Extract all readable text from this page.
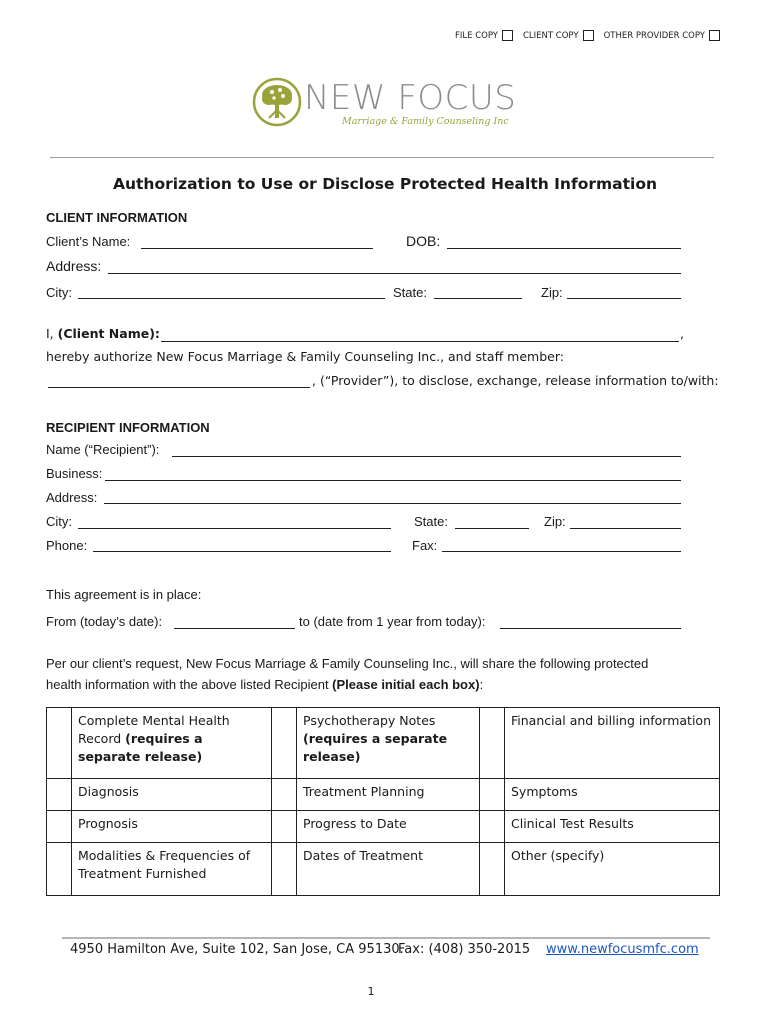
FILE COPY	CLIENT COPY	OTHER PROVIDER COPY
NEW FOCUS
Marriage & Family Counseling Inc
Authorization to Use or Disclose Protected Health Information
CLIENT INFORMATION
Client’s Name:	DOB:
Address:
City:	State:	Zip:
I, (Client Name):	,
hereby authorize New Focus Marriage & Family Counseling Inc., and staff member:
, (“Provider”), to disclose, exchange, release information to/with:
RECIPIENT INFORMATION
Name (“Recipient”):
Business:
Address:
City:	State:	Zip:
Phone:	Fax:
This agreement is in place:
From (today’s date):	to (date from 1 year from today):
Per our client’s request, New Focus Marriage & Family Counseling Inc., will share the following protected
health information with the above listed Recipient (Please initial each box):
	Complete Mental Health Record (requires a separate release)		Psychotherapy Notes (requires a separate release)		Financial and billing information
	Diagnosis		Treatment Planning		Symptoms
	Prognosis		Progress to Date		Clinical Test Results
	Modalities & Frequencies of Treatment Furnished		Dates of Treatment		Other (specify)
4950 Hamilton Ave, Suite 102, San Jose, CA 95130.
Fax: (408) 350-2015 www.newfocusmfc.com
1
